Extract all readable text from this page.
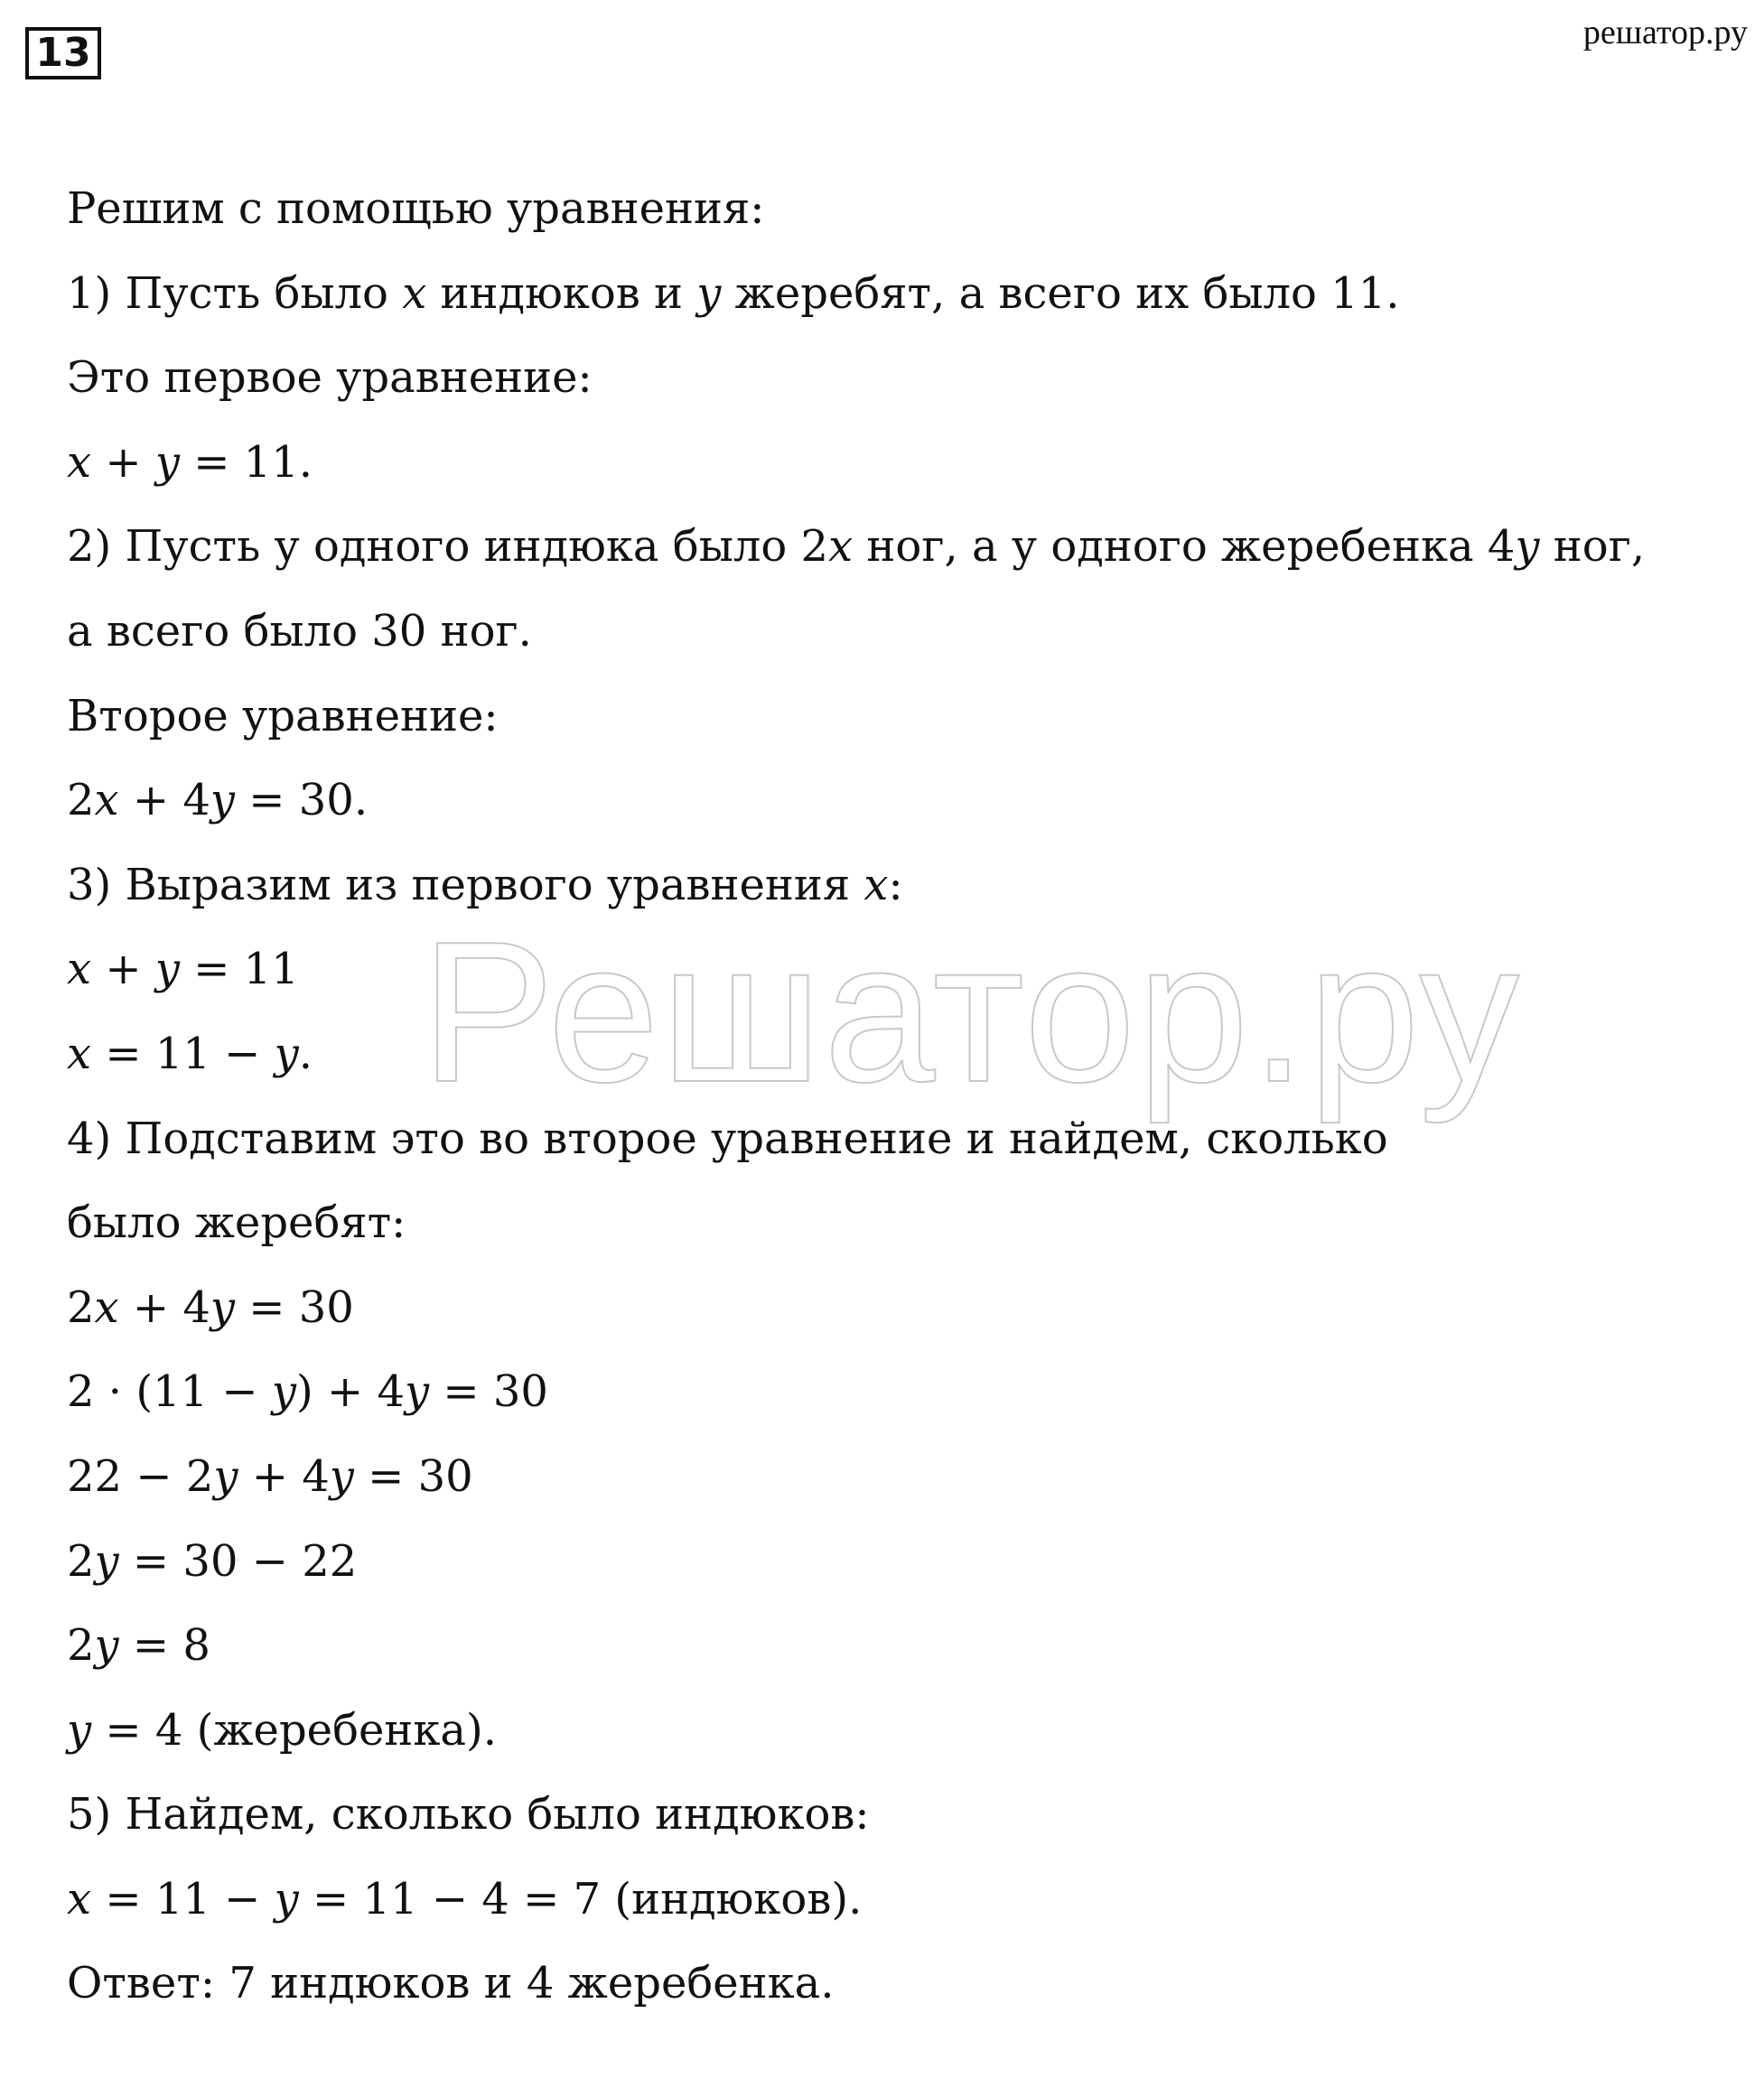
13	решатор.ру
Решатор.ру
Решим с помощью уравнения:
1) Пусть было x индюков и y жеребят, а всего их было 11.
Это первое уравнение:
x + y = 11.
2) Пусть у одного индюка было 2x ног, а у одного жеребенка 4y ног,
а всего было 30 ног.
Второе уравнение:
2x + 4y = 30.
3) Выразим из первого уравнения x:
x + y = 11
x = 11 − y.
4) Подставим это во второе уравнение и найдем, сколько
было жеребят:
2x + 4y = 30
2 · (11 − y) + 4y = 30
22 − 2y + 4y = 30
2y = 30 − 22
2y = 8
y = 4 (жеребенка).
5) Найдем, сколько было индюков:
x = 11 − y = 11 − 4 = 7 (индюков).
Ответ: 7 индюков и 4 жеребенка.
